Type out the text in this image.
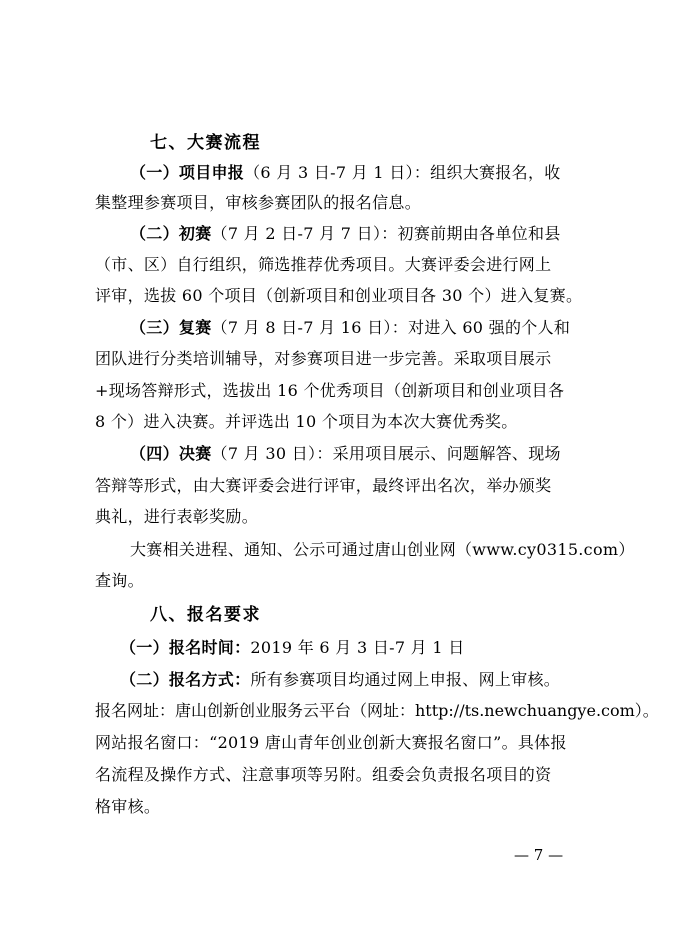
七、大赛流程

（一）项目申报（6 月 3 日-7 月 1 日）：组织大赛报名，收

集整理参赛项目，审核参赛团队的报名信息。

（二）初赛（7 月 2 日-7 月 7 日）：初赛前期由各单位和县

（市、区）自行组织，筛选推荐优秀项目。大赛评委会进行网上

评审，选拔 60 个项目（创新项目和创业项目各 30 个）进入复赛。

（三）复赛（7 月 8 日-7 月 16 日）：对进入 60 强的个人和

团队进行分类培训辅导，对参赛项目进一步完善。采取项目展示

+现场答辩形式，选拔出 16 个优秀项目（创新项目和创业项目各

8 个）进入决赛。并评选出 10 个项目为本次大赛优秀奖。

（四）决赛（7 月 30 日）：采用项目展示、问题解答、现场

答辩等形式，由大赛评委会进行评审，最终评出名次，举办颁奖

典礼，进行表彰奖励。

大赛相关进程、通知、公示可通过唐山创业网（www.cy0315.com）

查询。

八、报名要求

（一）报名时间：2019 年 6 月 3 日-7 月 1 日

（二）报名方式：所有参赛项目均通过网上申报、网上审核。

报名网址：唐山创新创业服务云平台（网址：http://ts.newchuangye.com）。

网站报名窗口：“2019 唐山青年创业创新大赛报名窗口”。具体报

名流程及操作方式、注意事项等另附。组委会负责报名项目的资

格审核。

— 7 —
